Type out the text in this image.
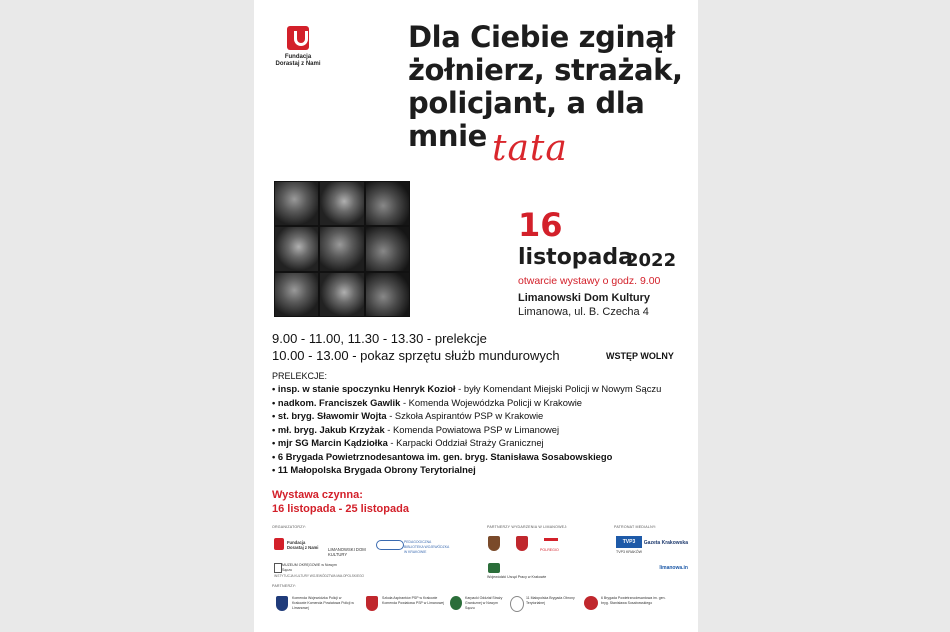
Fundacja
Dorastaj z Nami
Dla Ciebie zginął
żołnierz, strażak,
policjant, a dla
mnie tata
16
listopada
2022
otwarcie wystawy o godz. 9.00
Limanowski Dom Kultury
Limanowa, ul. B. Czecha 4
9.00 - 11.00, 11.30 - 13.30 - prelekcje
10.00 - 13.00 - pokaz sprzętu służb mundurowych	WSTĘP WOLNY
PRELEKCJE:
• insp. w stanie spoczynku Henryk Kozioł - były Komendant Miejski Policji w Nowym Sączu
• nadkom. Franciszek Gawlik - Komenda Wojewódzka Policji w Krakowie
• st. bryg. Sławomir Wojta - Szkoła Aspirantów PSP w Krakowie
• mł. bryg. Jakub Krzyżak - Komenda Powiatowa PSP w Limanowej
• mjr SG Marcin Kądziołka - Karpacki Oddział Straży Granicznej
• 6 Brygada Powietrznodesantowa im. gen. bryg. Stanisława Sosabowskiego
• 11 Małopolska Brygada Obrony Terytorialnej
Wystawa czynna:
16 listopada - 25 listopada
ORGANIZATORZY:	PARTNERZY WYDARZENIA W LIMANOWEJ:	PATRONAT MEDIALNY:
Fundacja Dorastaj z Nami	LIMANOWSKI DOM KULTURY
PEDAGOGICZNA BIBLIOTEKA WOJEWÓDZKA W KRAKOWIE
MUZEUM OKRĘGOWE w Nowym Sączu
INSTYTUCJA KULTURY WOJEWÓDZTWA MAŁOPOLSKIEGO
POLREGIO
Wojewódzki Urząd Pracy w Krakowie
TVP3
TVP3 KRAKÓW
Gazeta Krakowska
limanowa.in
PARTNERZY:
Komenda Wojewódzka Policji w Krakowie Komenda Powiatowa Policji w Limanowej
Szkoła Aspirantów PSP w Krakowie Komenda Powiatowa PSP w Limanowej
Karpacki Oddział Straży Granicznej w Nowym Sączu
11 Małopolska Brygada Obrony Terytorialnej
6 Brygada Powietrznodesantowa im. gen. bryg. Stanisława Sosabowskiego
